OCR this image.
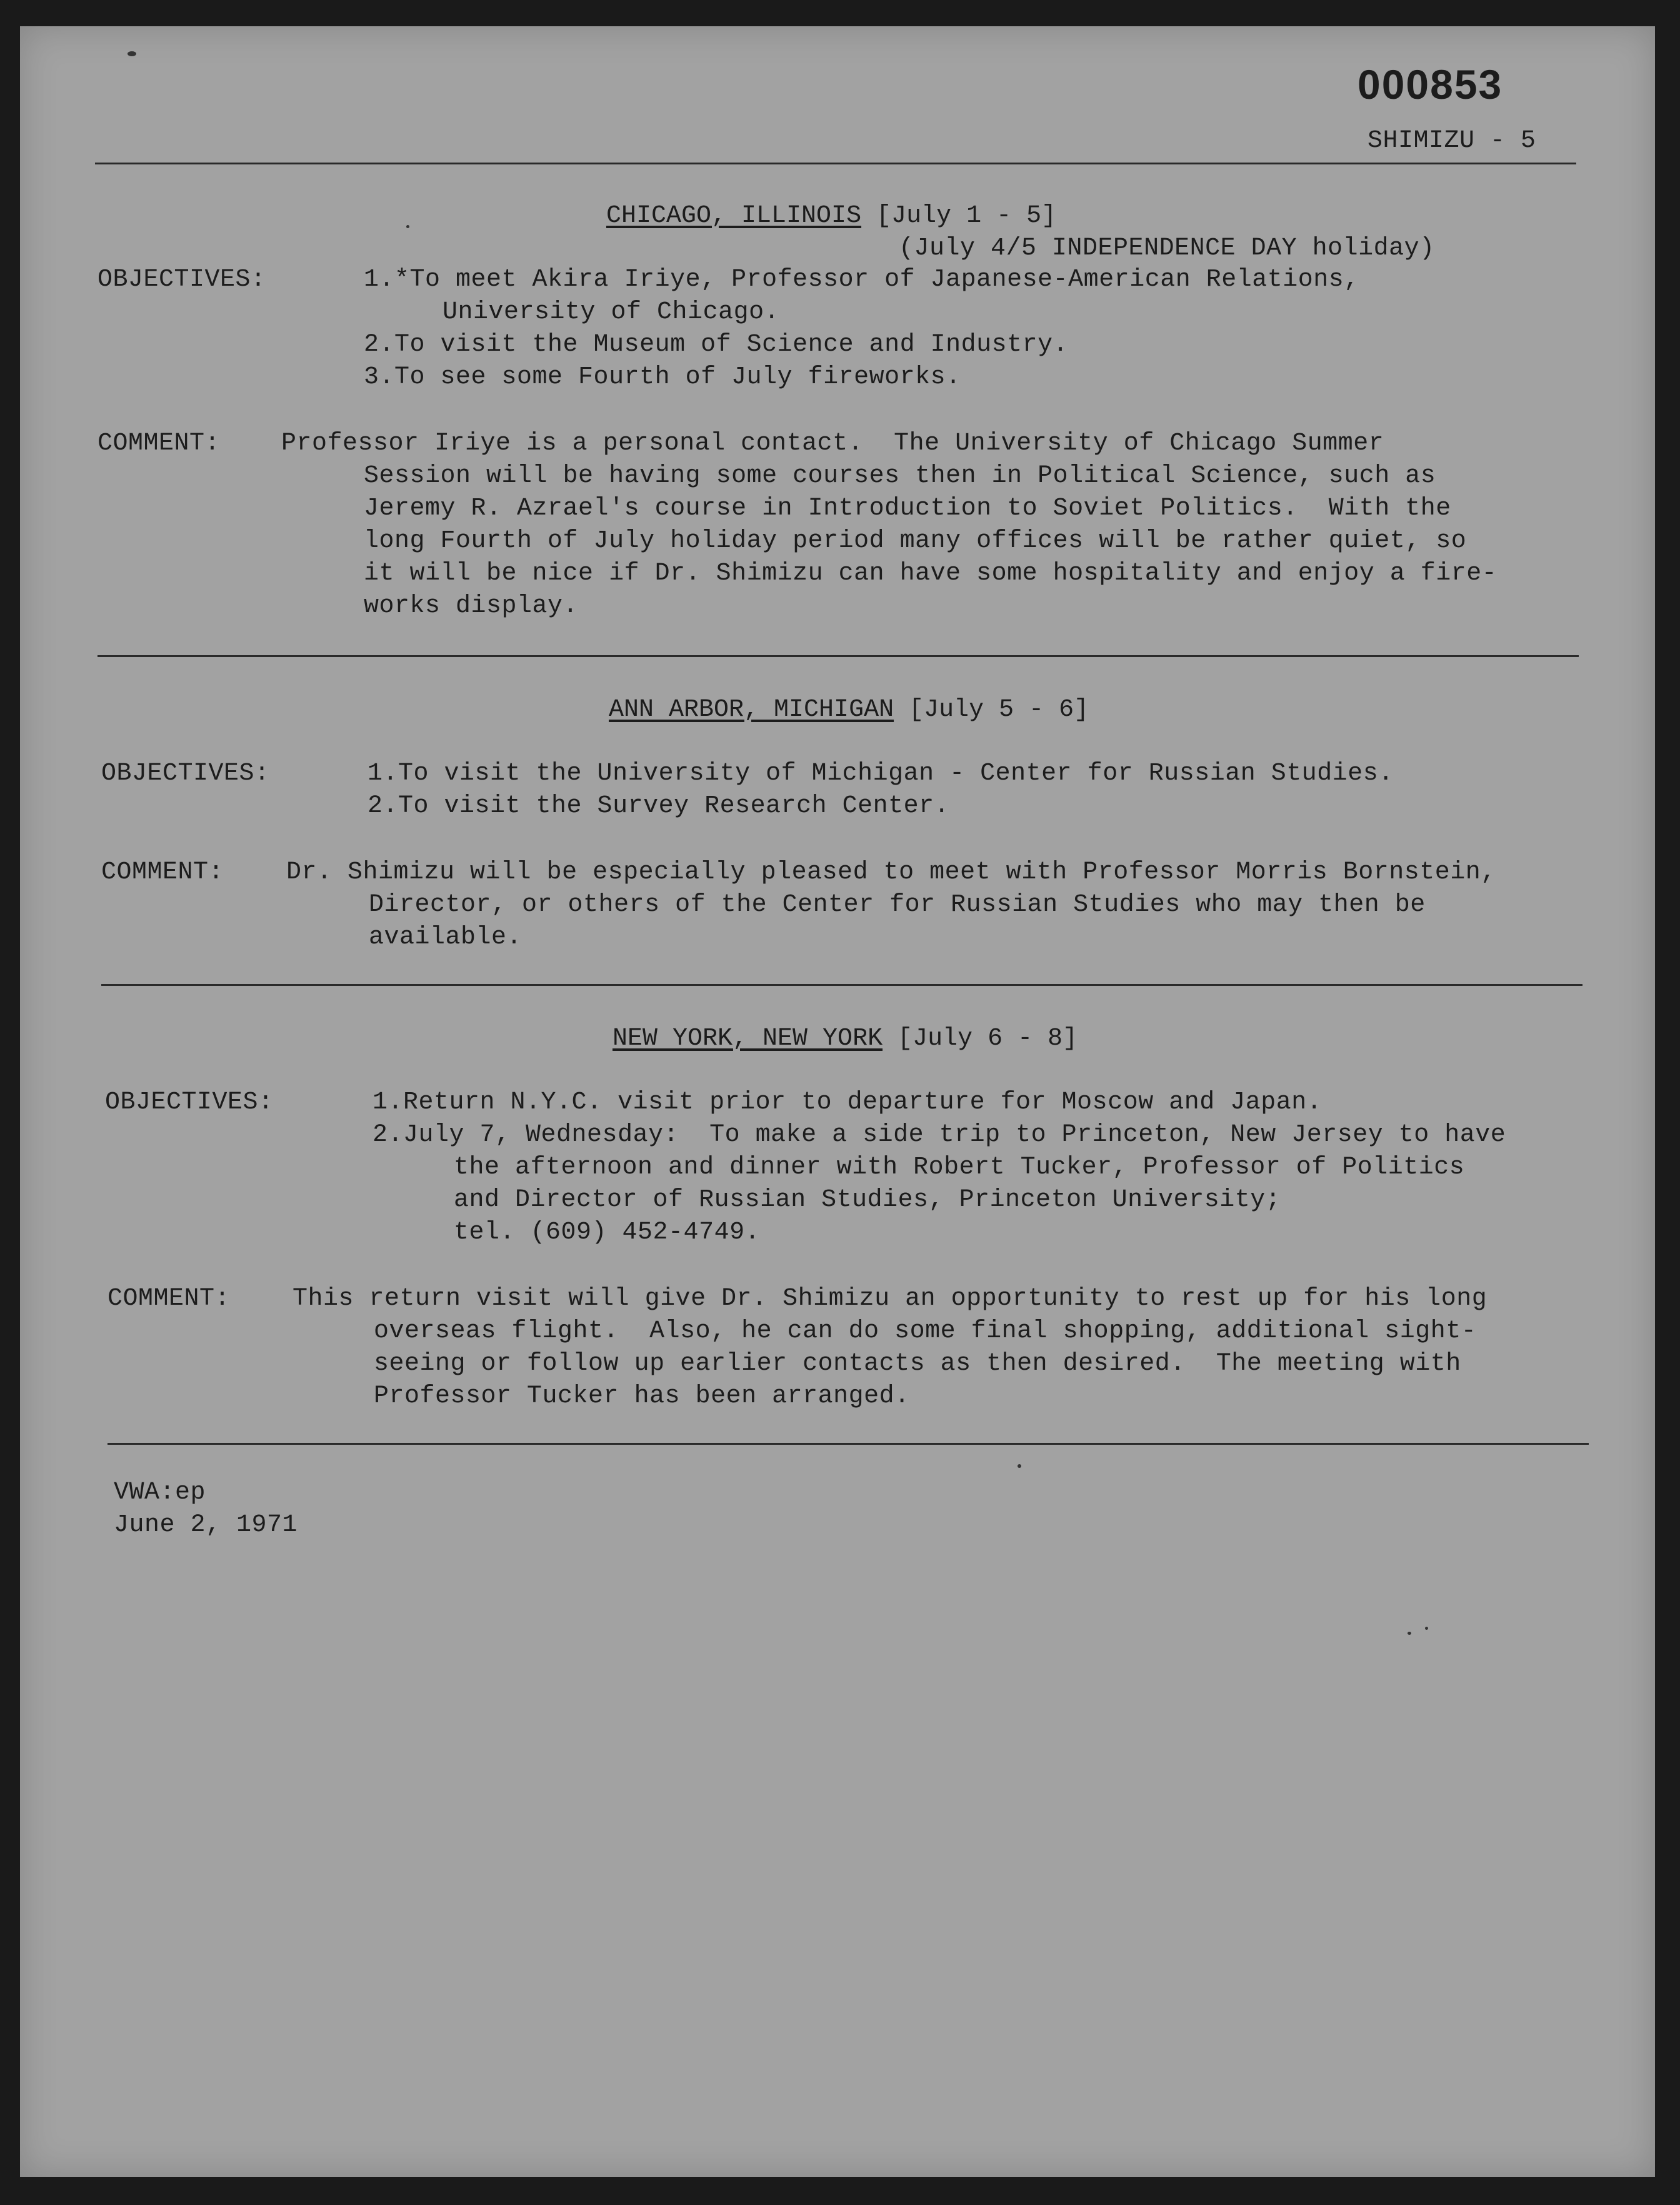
000853
SHIMIZU - 5
CHICAGO, ILLINOIS [July 1 - 5]
(July 4/5 INDEPENDENCE DAY holiday)
OBJECTIVES:	1.*To meet Akira Iriye, Professor of Japanese-American Relations,
University of Chicago.
2.To visit the Museum of Science and Industry.
3.To see some Fourth of July fireworks.
COMMENT: Professor Iriye is a personal contact.  The University of Chicago Summer
Session will be having some courses then in Political Science, such as
Jeremy R. Azrael's course in Introduction to Soviet Politics.  With the
long Fourth of July holiday period many offices will be rather quiet, so
it will be nice if Dr. Shimizu can have some hospitality and enjoy a fire-
works display.
ANN ARBOR, MICHIGAN [July 5 - 6]
OBJECTIVES:	1.To visit the University of Michigan - Center for Russian Studies.
2.To visit the Survey Research Center.
COMMENT: Dr. Shimizu will be especially pleased to meet with Professor Morris Bornstein,
Director, or others of the Center for Russian Studies who may then be
available.
NEW YORK, NEW YORK [July 6 - 8]
OBJECTIVES:	1.Return N.Y.C. visit prior to departure for Moscow and Japan.
2.July 7, Wednesday:  To make a side trip to Princeton, New Jersey to have
the afternoon and dinner with Robert Tucker, Professor of Politics
and Director of Russian Studies, Princeton University;
tel. (609) 452-4749.
COMMENT: This return visit will give Dr. Shimizu an opportunity to rest up for his long
overseas flight.  Also, he can do some final shopping, additional sight-
seeing or follow up earlier contacts as then desired.  The meeting with
Professor Tucker has been arranged.
VWA:ep
June 2, 1971
